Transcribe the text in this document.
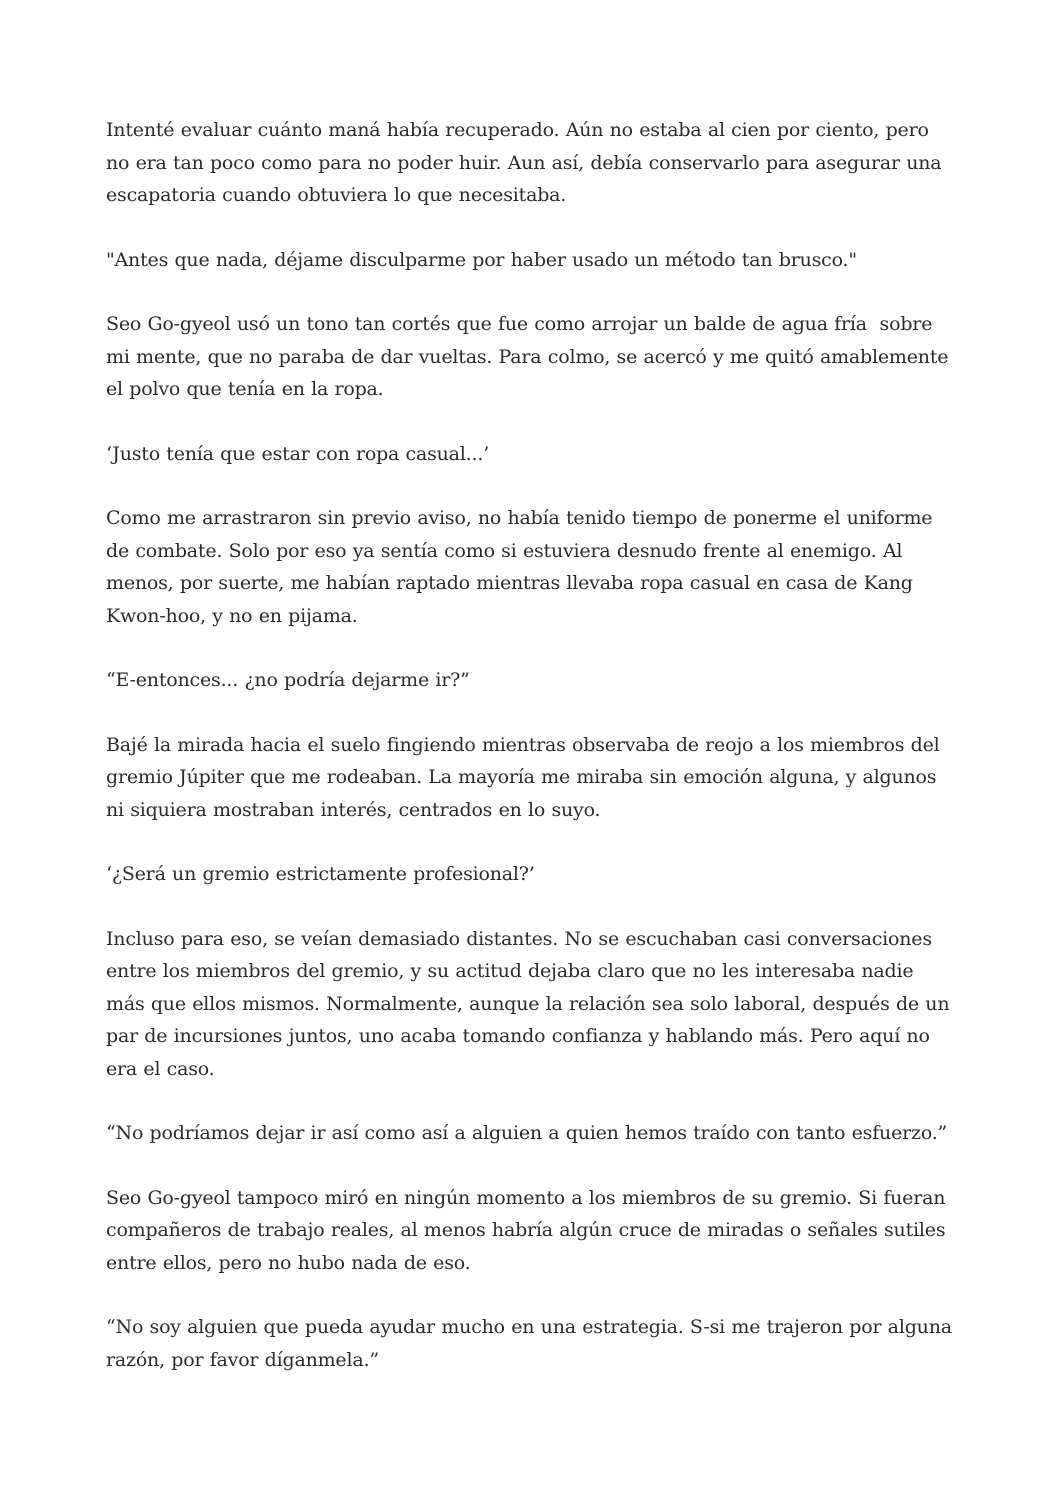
Intenté evaluar cuánto maná había recuperado. Aún no estaba al cien por ciento, pero no era tan poco como para no poder huir. Aun así, debía conservarlo para asegurar una escapatoria cuando obtuviera lo que necesitaba.

"Antes que nada, déjame disculparme por haber usado un método tan brusco."

Seo Go-gyeol usó un tono tan cortés que fue como arrojar un balde de agua fría  sobre mi mente, que no paraba de dar vueltas. Para colmo, se acercó y me quitó amablemente el polvo que tenía en la ropa.

‘Justo tenía que estar con ropa casual...’

Como me arrastraron sin previo aviso, no había tenido tiempo de ponerme el uniforme de combate. Solo por eso ya sentía como si estuviera desnudo frente al enemigo. Al menos, por suerte, me habían raptado mientras llevaba ropa casual en casa de Kang Kwon-hoo, y no en pijama.

“E-entonces... ¿no podría dejarme ir?”

Bajé la mirada hacia el suelo fingiendo mientras observaba de reojo a los miembros del gremio Júpiter que me rodeaban. La mayoría me miraba sin emoción alguna, y algunos ni siquiera mostraban interés, centrados en lo suyo.

‘¿Será un gremio estrictamente profesional?’

Incluso para eso, se veían demasiado distantes. No se escuchaban casi conversaciones entre los miembros del gremio, y su actitud dejaba claro que no les interesaba nadie más que ellos mismos. Normalmente, aunque la relación sea solo laboral, después de un par de incursiones juntos, uno acaba tomando confianza y hablando más. Pero aquí no era el caso.

“No podríamos dejar ir así como así a alguien a quien hemos traído con tanto esfuerzo.”

Seo Go-gyeol tampoco miró en ningún momento a los miembros de su gremio. Si fueran compañeros de trabajo reales, al menos habría algún cruce de miradas o señales sutiles entre ellos, pero no hubo nada de eso.

“No soy alguien que pueda ayudar mucho en una estrategia. S-si me trajeron por alguna razón, por favor díganmela.”
